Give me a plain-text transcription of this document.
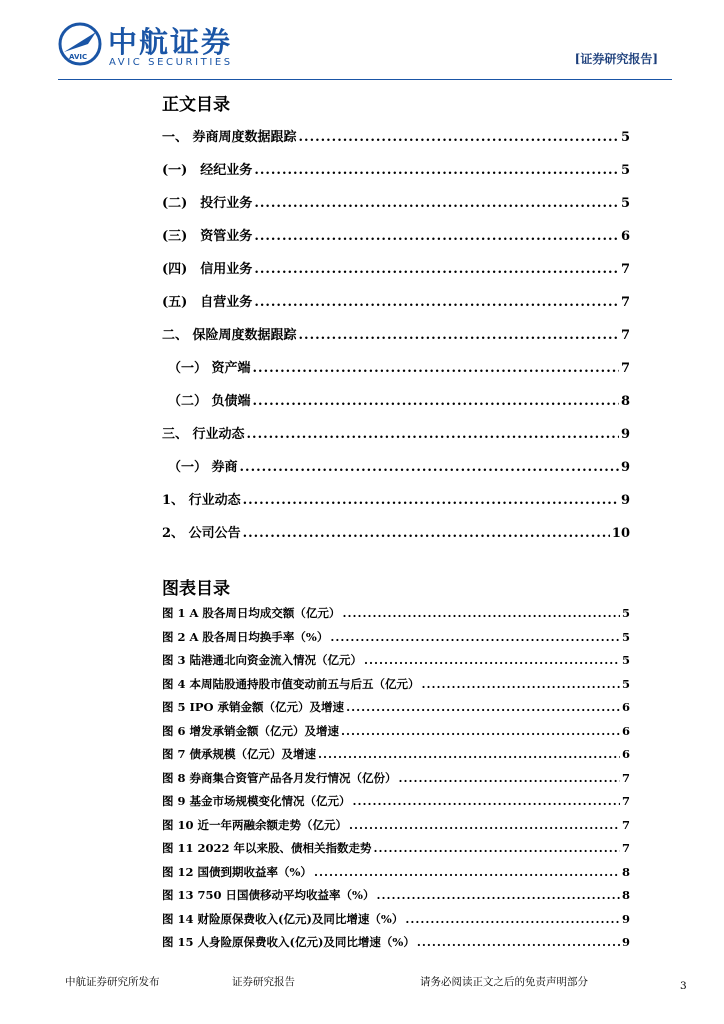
AVIC 中航证券
AVIC SECURITIES	[证券研究报告]
正文目录
一、 券商周度数据跟踪 .....	5
(一)　经纪业务 .....	5
(二)　投行业务 .....	5
(三)　资管业务 .....	6
(四)　信用业务 .....	7
(五)　自营业务 .....	7
二、 保险周度数据跟踪 .....	7
（一） 资产端 .....	7
（二） 负债端 .....	8
三、 行业动态 .....	9
（一） 券商 .....	9
1、 行业动态 .....	9
2、 公司公告 .....	10
图表目录
图 1 A 股各周日均成交额（亿元） .....	5
图 2 A 股各周日均换手率（%） .....	5
图 3 陆港通北向资金流入情况（亿元） .....	5
图 4 本周陆股通持股市值变动前五与后五（亿元） .....	5
图 5 IPO 承销金额（亿元）及增速 .....	6
图 6 增发承销金额（亿元）及增速 .....	6
图 7 债承规模（亿元）及增速 .....	6
图 8 券商集合资管产品各月发行情况（亿份） .....	7
图 9 基金市场规模变化情况（亿元） .....	7
图 10 近一年两融余额走势（亿元） .....	7
图 11 2022 年以来股、债相关指数走势 .....	7
图 12 国债到期收益率（%） .....	8
图 13 750 日国债移动平均收益率（%） .....	8
图 14 财险原保费收入(亿元)及同比增速（%） .....	9
图 15 人身险原保费收入(亿元)及同比增速（%） .....	9
中航证券研究所发布	证券研究报告	请务必阅读正文之后的免责声明部分	3
